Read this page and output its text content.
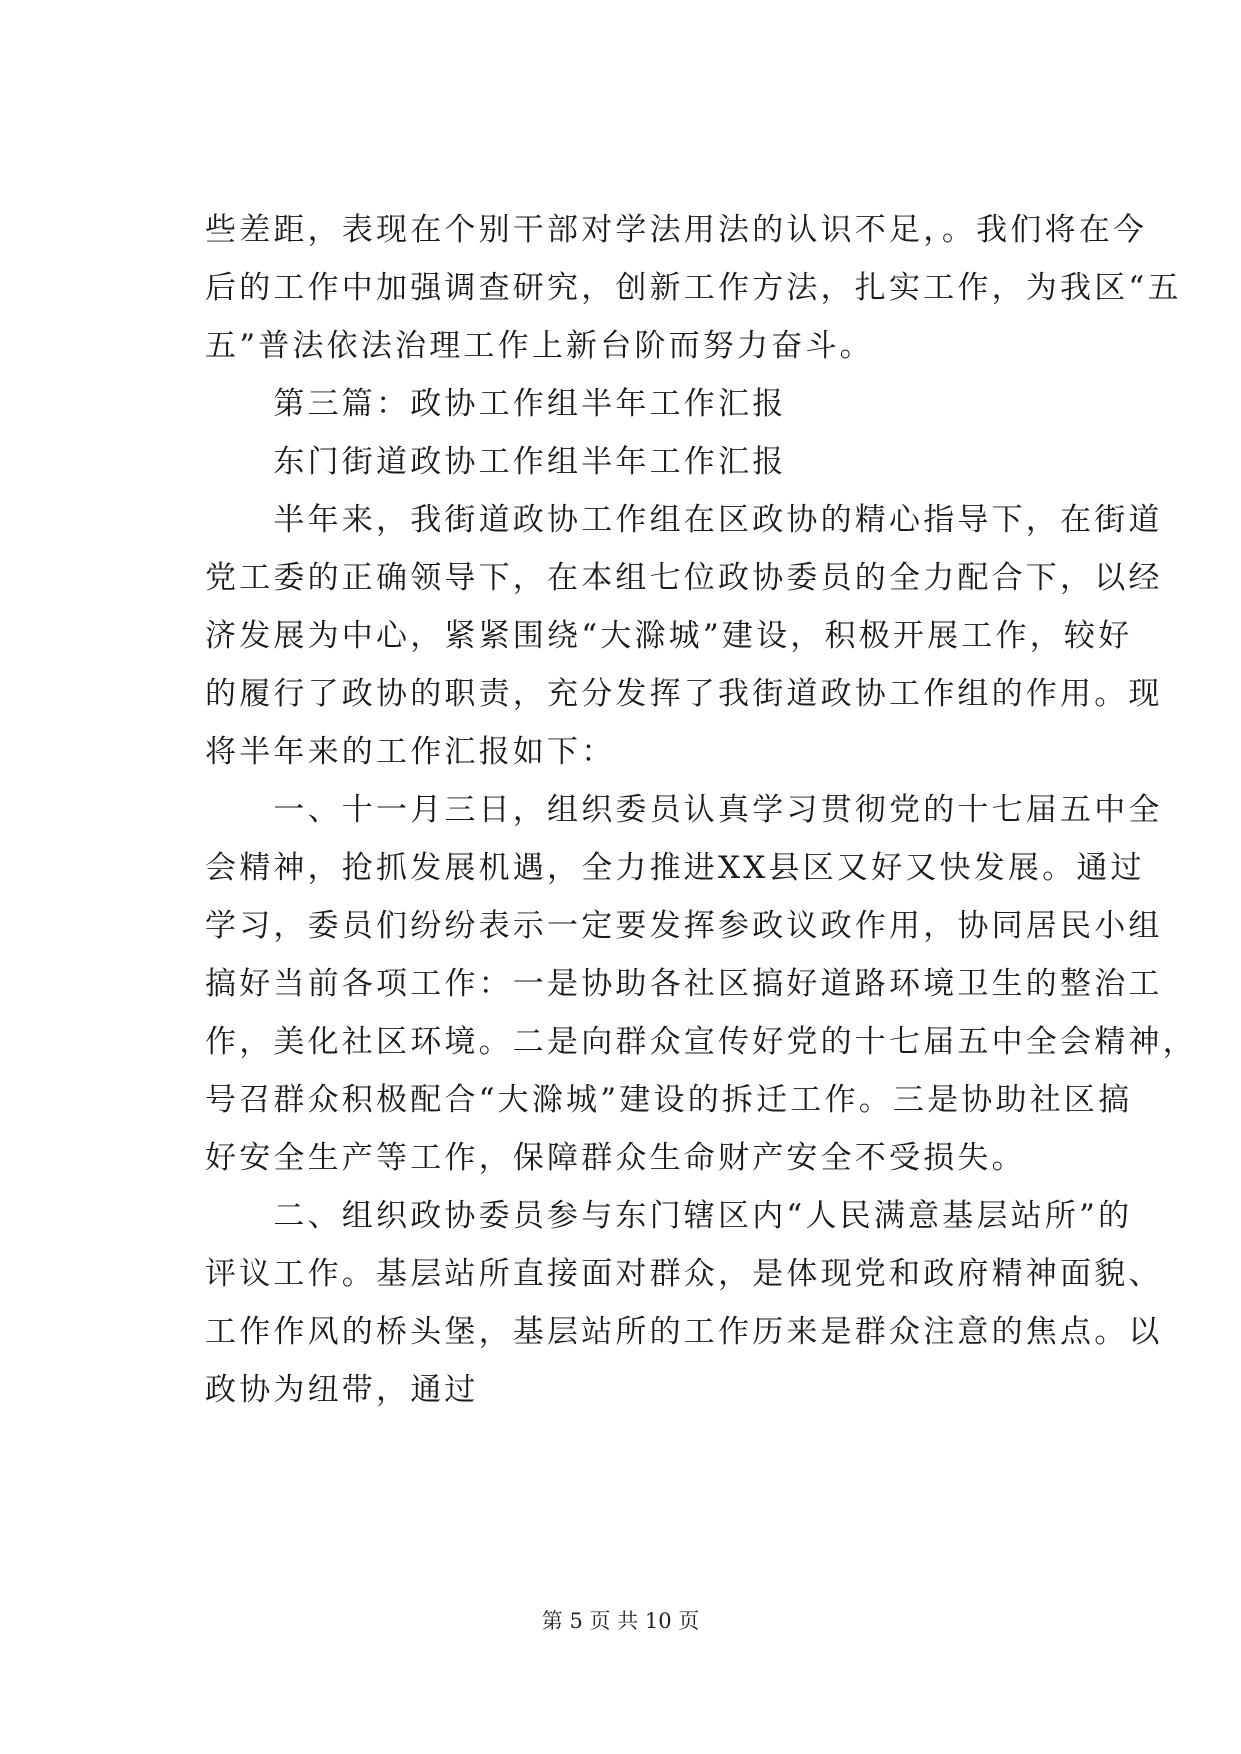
些差距，表现在个别干部对学法用法的认识不足，。我们将在今
后的工作中加强调查研究，创新工作方法，扎实工作，为我区“五
五”普法依法治理工作上新台阶而努力奋斗。
　　第三篇：政协工作组半年工作汇报
　　东门街道政协工作组半年工作汇报
　　半年来，我街道政协工作组在区政协的精心指导下，在街道
党工委的正确领导下，在本组七位政协委员的全力配合下，以经
济发展为中心，紧紧围绕“大滁城”建设，积极开展工作，较好
的履行了政协的职责，充分发挥了我街道政协工作组的作用。现
将半年来的工作汇报如下：
　　一、十一月三日，组织委员认真学习贯彻党的十七届五中全
会精神，抢抓发展机遇，全力推进XX县区又好又快发展。通过
学习，委员们纷纷表示一定要发挥参政议政作用，协同居民小组
搞好当前各项工作：一是协助各社区搞好道路环境卫生的整治工
作，美化社区环境。二是向群众宣传好党的十七届五中全会精神，
号召群众积极配合“大滁城”建设的拆迁工作。三是协助社区搞
好安全生产等工作，保障群众生命财产安全不受损失。
　　二、组织政协委员参与东门辖区内“人民满意基层站所”的
评议工作。基层站所直接面对群众，是体现党和政府精神面貌、
工作作风的桥头堡，基层站所的工作历来是群众注意的焦点。以
政协为纽带，通过
第 5 页 共 10 页
